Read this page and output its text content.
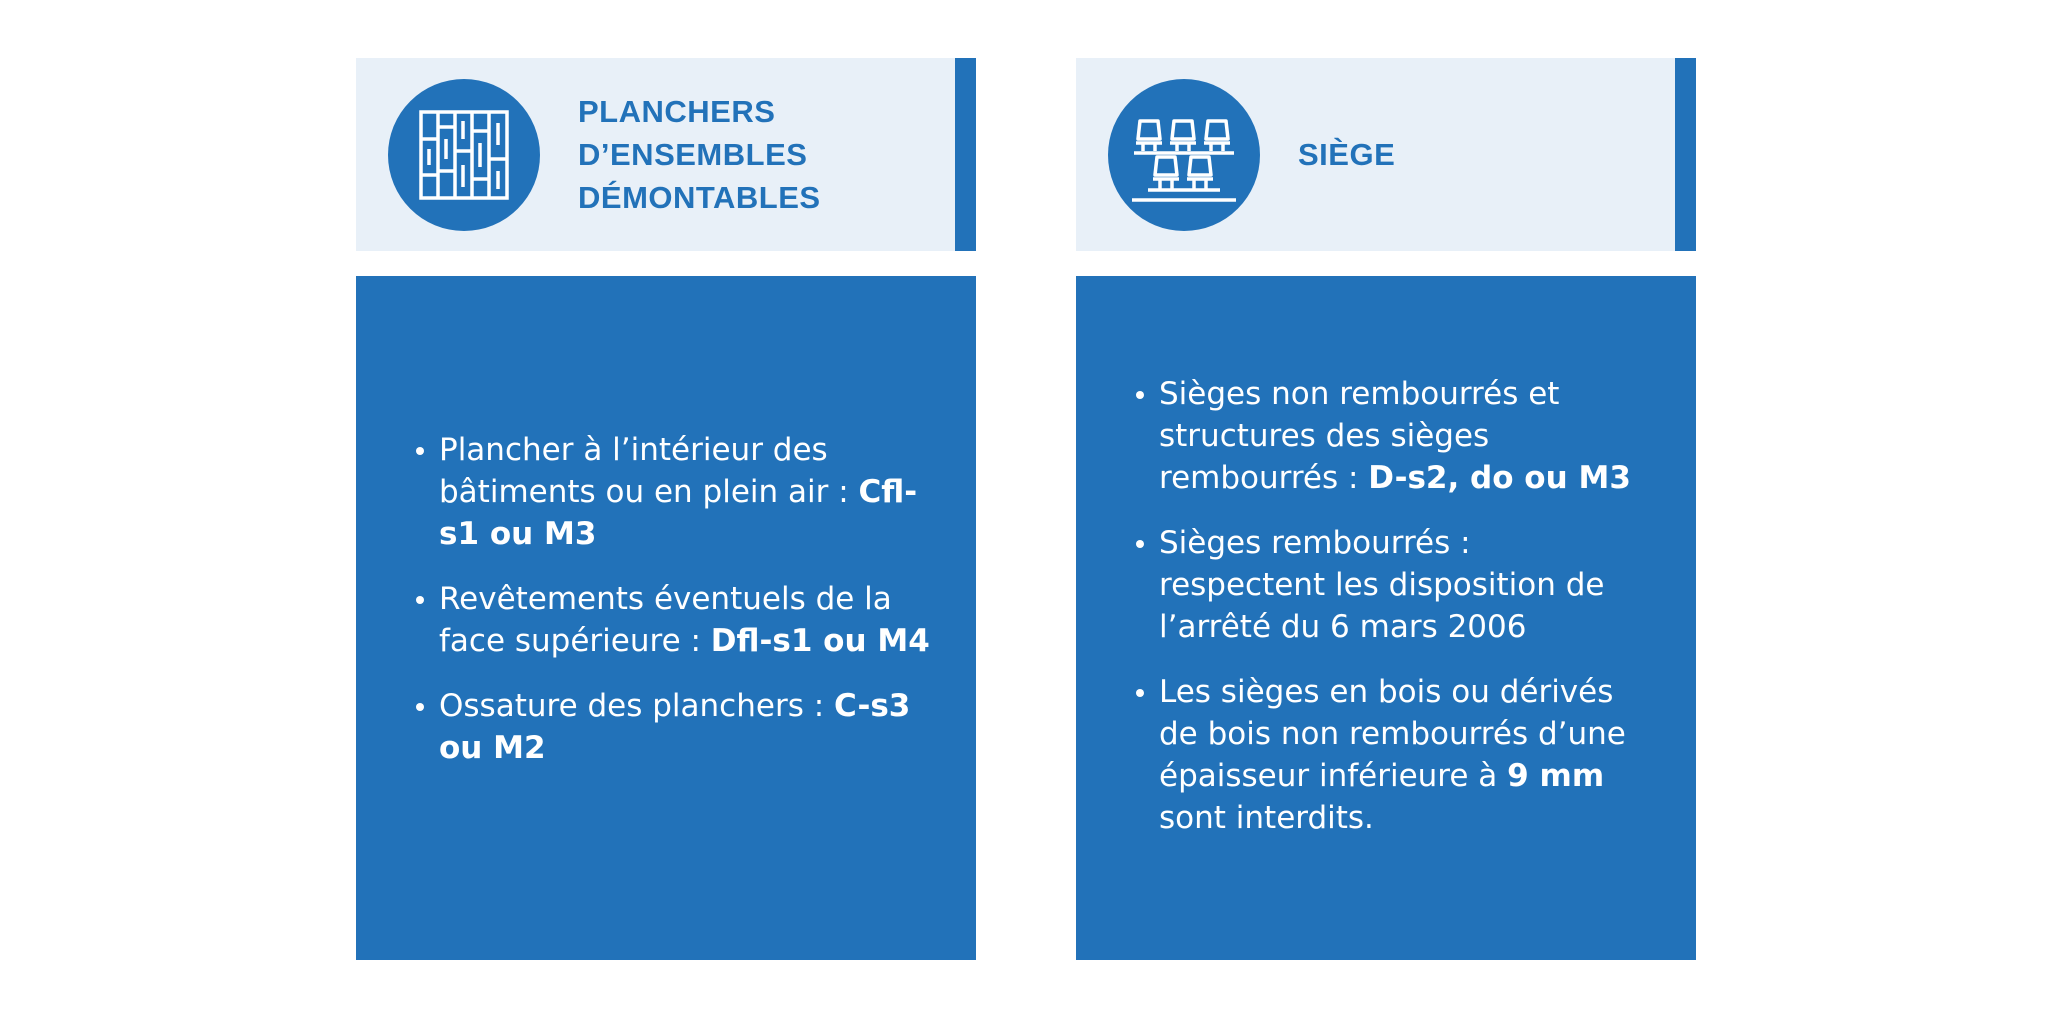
PLANCHERS
D’ENSEMBLES
DÉMONTABLES
Plancher à l’intérieur des bâtiments ou en plein air : Cfl-s1 ou M3
Revêtements éventuels de la face supérieure : Dfl-s1 ou M4
Ossature des planchers : C-s3 ou M2
SIÈGE
Sièges non rembourrés et structures des sièges rembourrés : D-s2, do ou M3
Sièges rembourrés : respectent les disposition de l’arrêté du 6 mars 2006
Les sièges en bois ou dérivés de bois non rembourrés d’une épaisseur inférieure à 9 mm sont interdits.
